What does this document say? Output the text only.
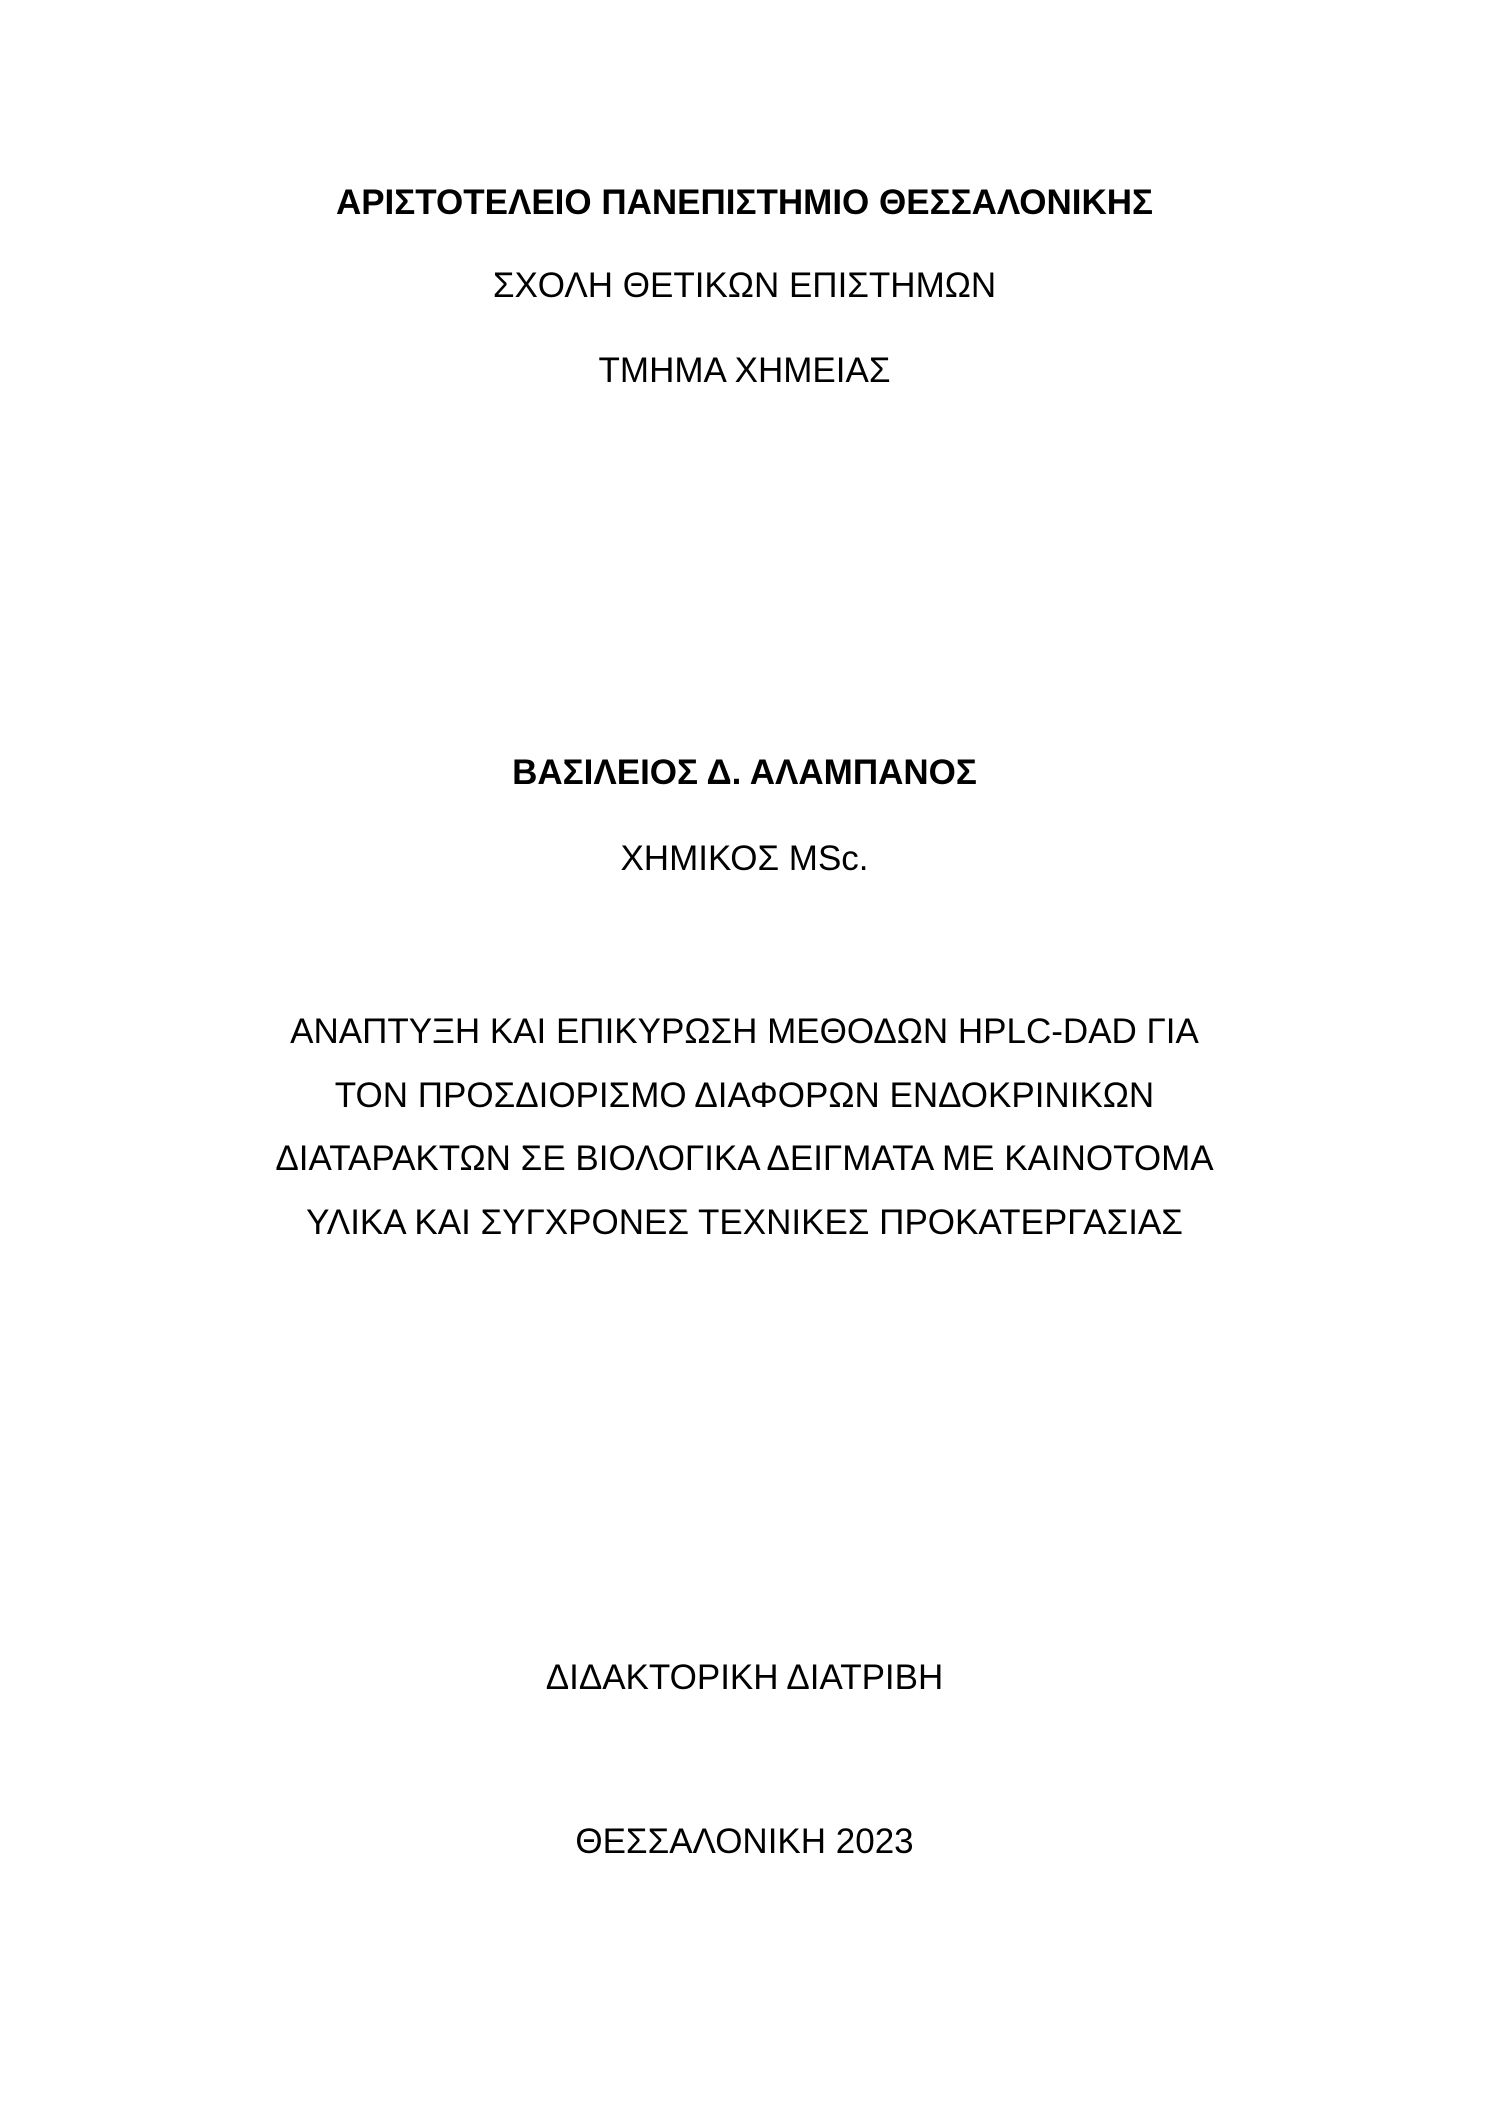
ΑΡΙΣΤΟΤΕΛΕΙΟ ΠΑΝΕΠΙΣΤΗΜΙΟ ΘΕΣΣΑΛΟΝΙΚΗΣ
ΣΧΟΛΗ ΘΕΤΙΚΩΝ ΕΠΙΣΤΗΜΩΝ
ΤΜΗΜΑ ΧΗΜΕΙΑΣ
ΒΑΣΙΛΕΙΟΣ Δ. ΑΛΑΜΠΑΝΟΣ
ΧΗΜΙΚΟΣ MSc.
ΑΝΑΠΤΥΞΗ ΚΑΙ ΕΠΙΚΥΡΩΣΗ ΜΕΘΟΔΩΝ HPLC-DAD ΓΙΑ
ΤΟΝ ΠΡΟΣΔΙΟΡΙΣΜΟ ΔΙΑΦΟΡΩΝ ΕΝΔΟΚΡΙΝΙΚΩΝ
ΔΙΑΤΑΡΑΚΤΩΝ ΣΕ ΒΙΟΛΟΓΙΚΑ ΔΕΙΓΜΑΤΑ ΜΕ ΚΑΙΝΟΤΟΜΑ
ΥΛΙΚΑ ΚΑΙ ΣΥΓΧΡΟΝΕΣ ΤΕΧΝΙΚΕΣ ΠΡΟΚΑΤΕΡΓΑΣΙΑΣ
ΔΙΔΑΚΤΟΡΙΚΗ ΔΙΑΤΡΙΒΗ
ΘΕΣΣΑΛΟΝΙΚΗ 2023
